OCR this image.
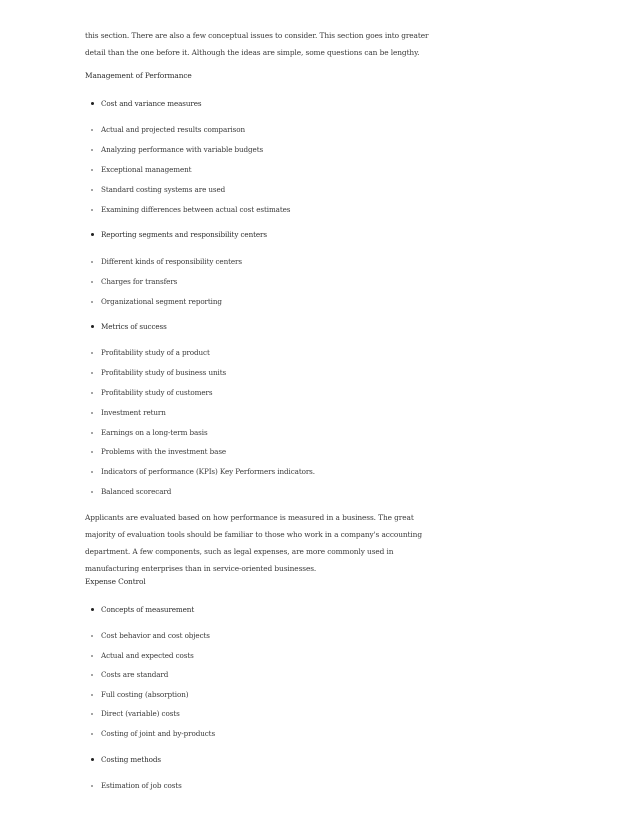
this section. There are also a few conceptual issues to consider. This section goes into greater

detail than the one before it. Although the ideas are simple, some questions can be lengthy.

Management of Performance

Cost and variance measures
Actual and projected results comparison
Analyzing performance with variable budgets
Exceptional management
Standard costing systems are used
Examining differences between actual cost estimates
Reporting segments and responsibility centers
Different kinds of responsibility centers
Charges for transfers
Organizational segment reporting
Metrics of success
Profitability study of a product
Profitability study of business units
Profitability study of customers
Investment return
Earnings on a long-term basis
Problems with the investment base
Indicators of performance (KPIs) Key Performers indicators.
Balanced scorecard

Applicants are evaluated based on how performance is measured in a business. The great

majority of evaluation tools should be familiar to those who work in a company's accounting

department. A few components, such as legal expenses, are more commonly used in

manufacturing enterprises than in service-oriented businesses.

Expense Control

Concepts of measurement
Cost behavior and cost objects
Actual and expected costs
Costs are standard
Full costing (absorption)
Direct (variable) costs
Costing of joint and by-products
Costing methods
Estimation of job costs
